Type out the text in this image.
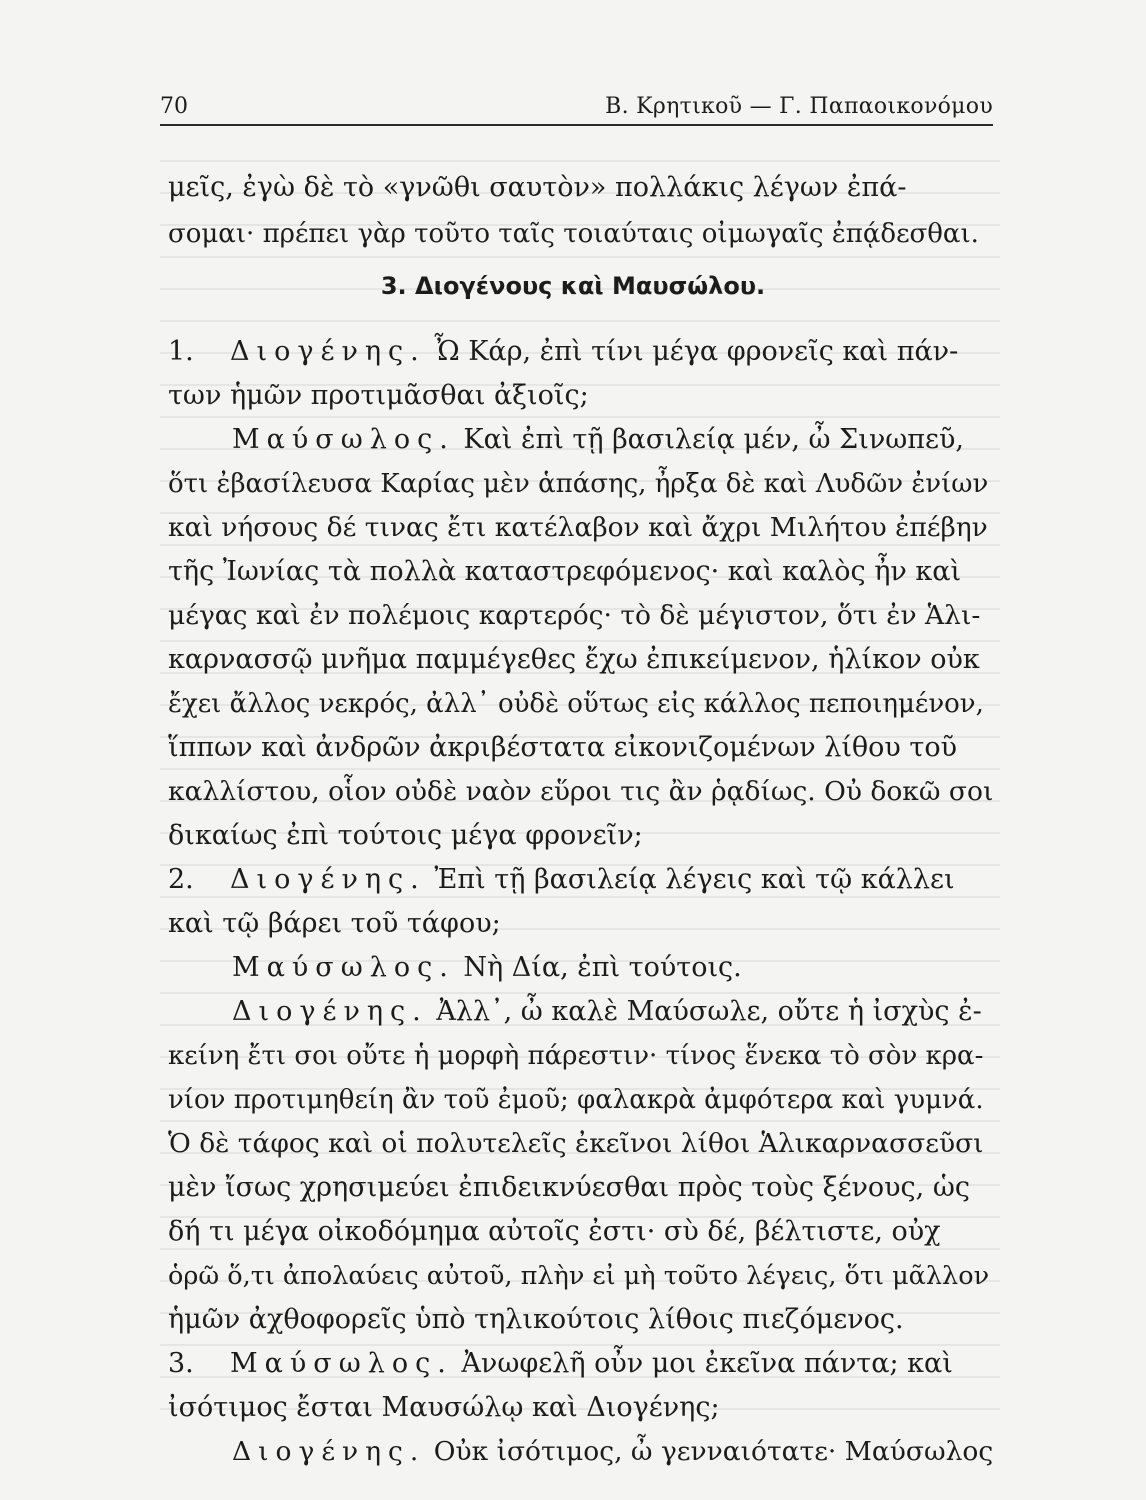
70	Β. Κρητικοῦ — Γ. Παπαοικονόμου
μεῖς, ἐγὼ δὲ τὸ «γνῶθι σαυτὸν» πολλάκις λέγων ἐπά-
σομαι· πρέπει γὰρ τοῦτο ταῖς τοιαύταις οἰμωγαῖς ἐπᾴδεσθαι.
3. Διογένους καὶ Μαυσώλου.
1. Διογένης. Ὦ Κάρ, ἐπὶ τίνι μέγα φρονεῖς καὶ πάν-
των ἡμῶν προτιμᾶσθαι ἀξιοῖς;
Μαύσωλος. Καὶ ἐπὶ τῇ βασιλείᾳ μέν, ὦ Σινωπεῦ,
ὅτι ἐβασίλευσα Καρίας μὲν ἁπάσης, ἦρξα δὲ καὶ Λυδῶν ἐνίων
καὶ νήσους δέ τινας ἔτι κατέλαβον καὶ ἄχρι Μιλήτου ἐπέβην
τῆς Ἰωνίας τὰ πολλὰ καταστρεφόμενος· καὶ καλὸς ἦν καὶ
μέγας καὶ ἐν πολέμοις καρτερός· τὸ δὲ μέγιστον, ὅτι ἐν Ἁλι-
καρνασσῷ μνῆμα παμμέγεθες ἔχω ἐπικείμενον, ἡλίκον οὐκ
ἔχει ἄλλος νεκρός, ἀλλ᾽ οὐδὲ οὕτως εἰς κάλλος πεποιημένον,
ἵππων καὶ ἀνδρῶν ἀκριβέστατα εἰκονιζομένων λίθου τοῦ
καλλίστου, οἷον οὐδὲ ναὸν εὕροι τις ἂν ῥᾳδίως. Οὐ δοκῶ σοι
δικαίως ἐπὶ τούτοις μέγα φρονεῖν;
2. Διογένης. Ἐπὶ τῇ βασιλείᾳ λέγεις καὶ τῷ κάλλει
καὶ τῷ βάρει τοῦ τάφου;
Μαύσωλος. Νὴ Δία, ἐπὶ τούτοις.
Διογένης. Ἀλλ᾽, ὦ καλὲ Μαύσωλε, οὔτε ἡ ἰσχὺς ἐ-
κείνη ἔτι σοι οὔτε ἡ μορφὴ πάρεστιν· τίνος ἕνεκα τὸ σὸν κρα-
νίον προτιμηθείη ἂν τοῦ ἐμοῦ; φαλακρὰ ἀμφότερα καὶ γυμνά.
Ὁ δὲ τάφος καὶ οἱ πολυτελεῖς ἐκεῖνοι λίθοι Ἁλικαρνασσεῦσι
μὲν ἴσως χρησιμεύει ἐπιδεικνύεσθαι πρὸς τοὺς ξένους, ὡς
δή τι μέγα οἰκοδόμημα αὐτοῖς ἐστι· σὺ δέ, βέλτιστε, οὐχ
ὁρῶ ὅ,τι ἀπολαύεις αὐτοῦ, πλὴν εἰ μὴ τοῦτο λέγεις, ὅτι μᾶλλον
ἡμῶν ἀχθοφορεῖς ὑπὸ τηλικούτοις λίθοις πιεζόμενος.
3. Μαύσωλος. Ἀνωφελῆ οὖν μοι ἐκεῖνα πάντα; καὶ
ἰσότιμος ἔσται Μαυσώλῳ καὶ Διογένης;
Διογένης. Οὐκ ἰσότιμος, ὦ γενναιότατε· Μαύσωλος
